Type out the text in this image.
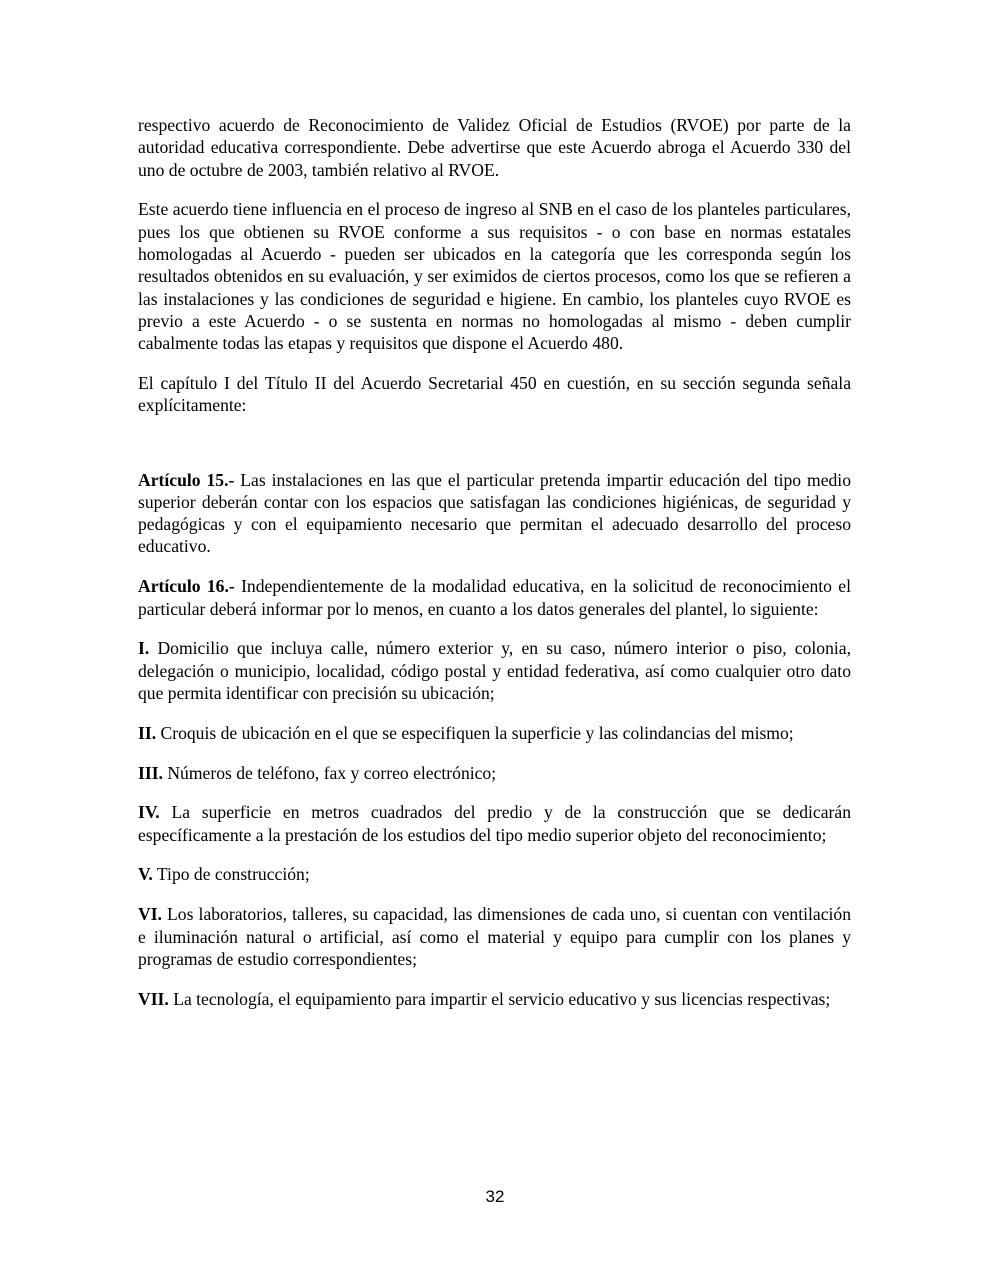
respectivo acuerdo de Reconocimiento de Validez Oficial de Estudios (RVOE) por parte de la autoridad educativa correspondiente. Debe advertirse que este Acuerdo abroga el Acuerdo 330 del uno de octubre de 2003, también relativo al RVOE.

Este acuerdo tiene influencia en el proceso de ingreso al SNB en el caso de los planteles particulares, pues los que obtienen su RVOE conforme a sus requisitos - o con base en normas estatales homologadas al Acuerdo - pueden ser ubicados en la categoría que les corresponda según los resultados obtenidos en su evaluación, y ser eximidos de ciertos procesos, como los que se refieren a las instalaciones y las condiciones de seguridad e higiene. En cambio, los planteles cuyo RVOE es previo a este Acuerdo - o se sustenta en normas no homologadas al mismo - deben cumplir cabalmente todas las etapas y requisitos que dispone el Acuerdo 480.

El capítulo I del Título II del Acuerdo Secretarial 450 en cuestión, en su sección segunda señala explícitamente:

Artículo 15.- Las instalaciones en las que el particular pretenda impartir educación del tipo medio superior deberán contar con los espacios que satisfagan las condiciones higiénicas, de seguridad y pedagógicas y con el equipamiento necesario que permitan el adecuado desarrollo del proceso educativo.

Artículo 16.- Independientemente de la modalidad educativa, en la solicitud de reconocimiento el particular deberá informar por lo menos, en cuanto a los datos generales del plantel, lo siguiente:

I. Domicilio que incluya calle, número exterior y, en su caso, número interior o piso, colonia, delegación o municipio, localidad, código postal y entidad federativa, así como cualquier otro dato que permita identificar con precisión su ubicación;

II. Croquis de ubicación en el que se especifiquen la superficie y las colindancias del mismo;

III. Números de teléfono, fax y correo electrónico;

IV. La superficie en metros cuadrados del predio y de la construcción que se dedicarán específicamente a la prestación de los estudios del tipo medio superior objeto del reconocimiento;

V. Tipo de construcción;

VI. Los laboratorios, talleres, su capacidad, las dimensiones de cada uno, si cuentan con ventilación e iluminación natural o artificial, así como el material y equipo para cumplir con los planes y programas de estudio correspondientes;

VII. La tecnología, el equipamiento para impartir el servicio educativo y sus licencias respectivas;

32
